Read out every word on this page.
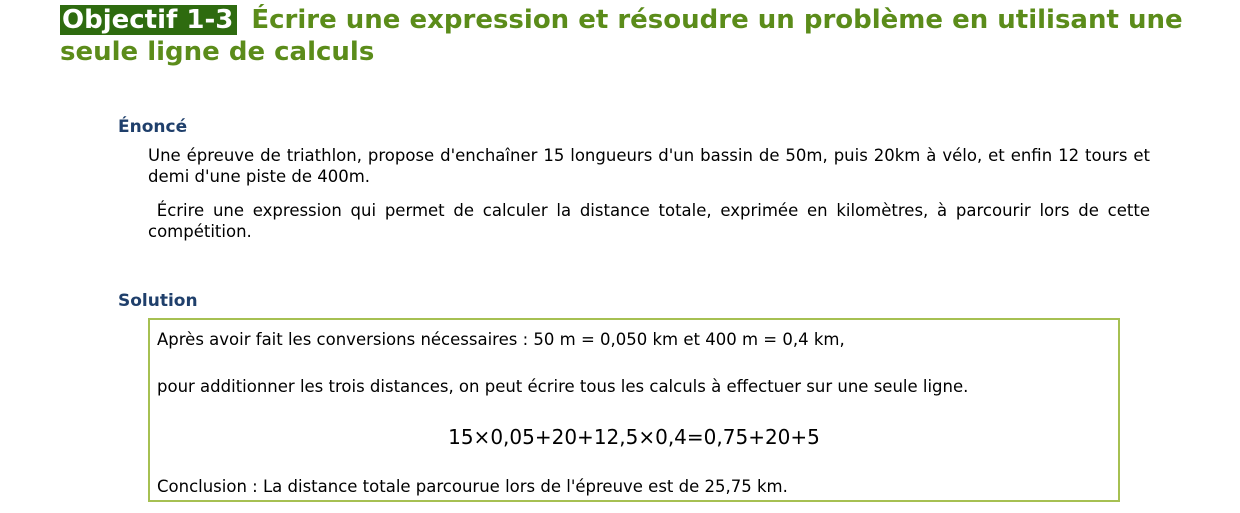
Objectif 1-3 Écrire une expression et résoudre un problème en utilisant une seule ligne de calculs
Énoncé

Une épreuve de triathlon, propose d'enchaîner 15 longueurs d'un bassin de 50m, puis 20km à vélo, et enfin 12 tours et demi d'une piste de 400m.

Écrire une expression qui permet de calculer la distance totale, exprimée en kilomètres, à parcourir lors de cette compétition.

Solution

Après avoir fait les conversions nécessaires : 50 m = 0,050 km et 400 m = 0,4 km,

pour additionner les trois distances, on peut écrire tous les calculs à effectuer sur une seule ligne.

15×0,05+20+12,5×0,4=0,75+20+5

Conclusion : La distance totale parcourue lors de l'épreuve est de 25,75 km.
